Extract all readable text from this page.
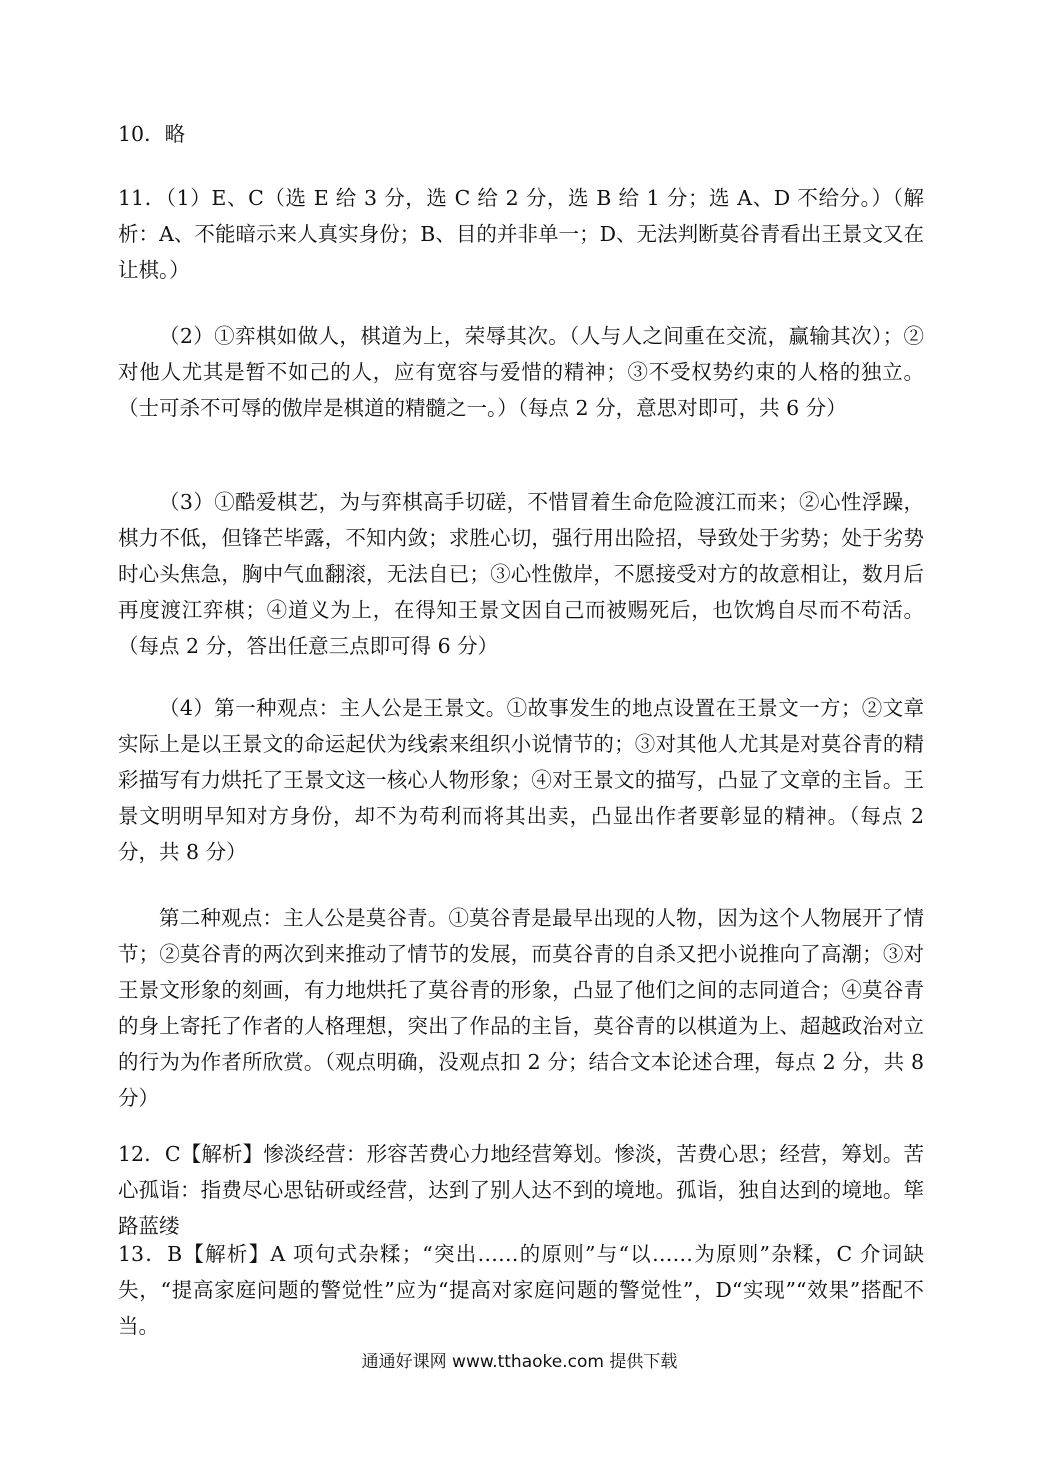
10．略
11．（1）E、C（选 E 给 3 分，选 C 给 2 分，选 B 给 1 分；选 A、D 不给分。）（解析：A、不能暗示来人真实身份；B、目的并非单一；D、无法判断莫谷青看出王景文又在让棋。）
（2）①弈棋如做人，棋道为上，荣辱其次。（人与人之间重在交流，赢输其次）；②对他人尤其是暂不如己的人，应有宽容与爱惜的精神；③不受权势约束的人格的独立。（士可杀不可辱的傲岸是棋道的精髓之一。）（每点 2 分，意思对即可，共 6 分）
（3）①酷爱棋艺，为与弈棋高手切磋，不惜冒着生命危险渡江而来；②心性浮躁，棋力不低，但锋芒毕露，不知内敛；求胜心切，强行用出险招，导致处于劣势；处于劣势时心头焦急，胸中气血翻滚，无法自已；③心性傲岸，不愿接受对方的故意相让，数月后再度渡江弈棋；④道义为上，在得知王景文因自己而被赐死后，也饮鸩自尽而不苟活。（每点 2 分，答出任意三点即可得 6 分）
（4）第一种观点：主人公是王景文。①故事发生的地点设置在王景文一方；②文章实际上是以王景文的命运起伏为线索来组织小说情节的；③对其他人尤其是对莫谷青的精彩描写有力烘托了王景文这一核心人物形象；④对王景文的描写，凸显了文章的主旨。王景文明明早知对方身份，却不为苟利而将其出卖，凸显出作者要彰显的精神。（每点 2 分，共 8 分）
第二种观点：主人公是莫谷青。①莫谷青是最早出现的人物，因为这个人物展开了情节；②莫谷青的两次到来推动了情节的发展，而莫谷青的自杀又把小说推向了高潮；③对王景文形象的刻画，有力地烘托了莫谷青的形象，凸显了他们之间的志同道合；④莫谷青的身上寄托了作者的人格理想，突出了作品的主旨，莫谷青的以棋道为上、超越政治对立的行为为作者所欣赏。（观点明确，没观点扣 2 分；结合文本论述合理，每点 2 分，共 8 分）
12．C【解析】惨淡经营：形容苦费心力地经营筹划。惨淡，苦费心思；经营，筹划。苦心孤诣：指费尽心思钻研或经营，达到了别人达不到的境地。孤诣，独自达到的境地。筚路蓝缕
13．B【解析】A 项句式杂糅；“突出……的原则”与“以……为原则”杂糅，C 介词缺失，“提高家庭问题的警觉性”应为“提高对家庭问题的警觉性”，D“实现”“效果”搭配不当。
通通好课网 www.tthaoke.com 提供下载
